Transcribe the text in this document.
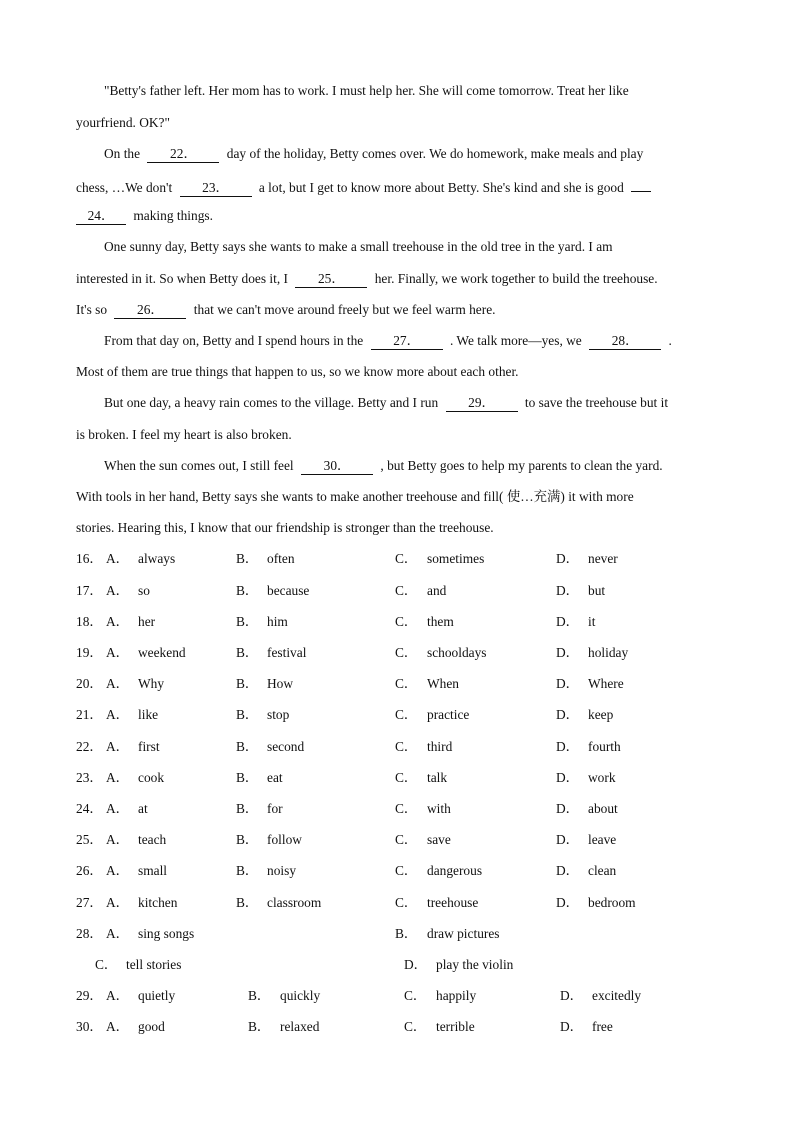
"Betty's father left. Her mom has to work. I must help her. She will come tomorrow. Treat her like
yourfriend. OK?"
On the 22． day of the holiday, Betty comes over. We do homework, make meals and play
chess, …We don't 23． a lot, but I get to know more about Betty. She's kind and she is good
24． making things.
One sunny day, Betty says she wants to make a small treehouse in the old tree in the yard. I am
interested in it. So when Betty does it, I 25． her. Finally, we work together to build the treehouse.
It's so 26． that we can't move around freely but we feel warm here.
From that day on, Betty and I spend hours in the 27． . We talk more—yes, we 28． .
Most of them are true things that happen to us, so we know more about each other.
But one day, a heavy rain comes to the village. Betty and I run 29． to save the treehouse but it
is broken. I feel my heart is also broken.
When the sun comes out, I still feel 30． , but Betty goes to help my parents to clean the yard.
With tools in her hand, Betty says she wants to make another treehouse and fill( 使…充满) it with more
stories. Hearing this, I know that our friendship is stronger than the treehouse.
16． A． always	B． often	C． sometimes	D． never
17． A． so	B． because	C． and	D． but
18． A． her	B． him	C． them	D． it
19． A． weekend	B． festival	C． schooldays	D． holiday
20． A． Why	B． How	C． When	D． Where
21． A． like	B． stop	C． practice	D． keep
22． A． first	B． second	C． third	D． fourth
23． A． cook	B． eat	C． talk	D． work
24． A． at	B． for	C． with	D． about
25． A． teach	B． follow	C． save	D． leave
26． A． small	B． noisy	C． dangerous	D． clean
27． A． kitchen	B． classroom	C． treehouse	D． bedroom
29． A． quietly	B． quickly	C． happily	D． excitedly
30． A． good	B． relaxed	C． terrible	D． free
28． A． sing songs	B． draw pictures
C． tell stories	D． play the violin
